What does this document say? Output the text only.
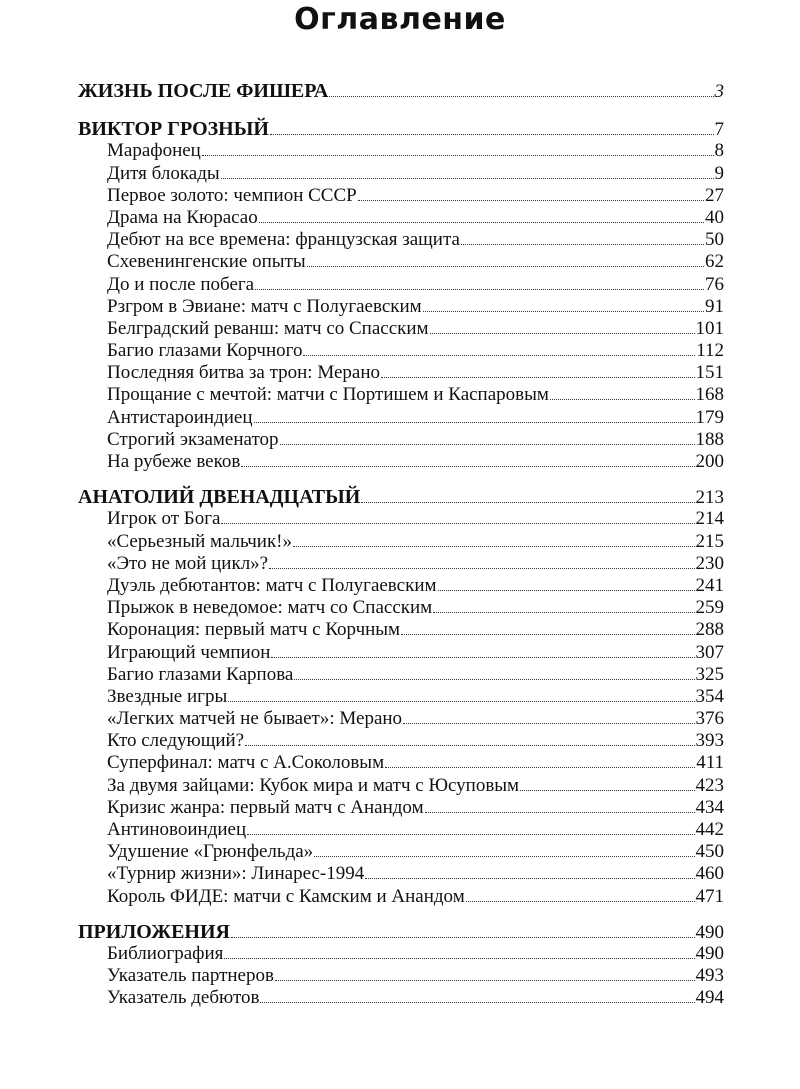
Оглавление
ЖИЗНЬ ПОСЛЕ ФИШЕРА	3
ВИКТОР ГРОЗНЫЙ	7
Марафонец	8
Дитя блокады	9
Первое золото: чемпион СССР	27
Драма на Кюрасао	40
Дебют на все времена: французская защита	50
Схевенингенские опыты	62
До и после побега	76
Рзгром в Эвиане: матч с Полугаевским	91
Белградский реванш: матч со Спасским	101
Багио глазами Корчного	112
Последняя битва за трон: Мерано	151
Прощание с мечтой: матчи с Портишем и Каспаровым	168
Антистароиндиец	179
Строгий экзаменатор	188
На рубеже веков	200
АНАТОЛИЙ ДВЕНАДЦАТЫЙ	213
Игрок от Бога	214
«Серьезный мальчик!»	215
«Это не мой цикл»?	230
Дуэль дебютантов: матч с Полугаевским	241
Прыжок в неведомое: матч со Спасским	259
Коронация: первый матч с Корчным	288
Играющий чемпион	307
Багио глазами Карпова	325
Звездные игры	354
«Легких матчей не бывает»: Мерано	376
Кто следующий?	393
Суперфинал: матч с А.Соколовым	411
За двумя зайцами: Кубок мира и матч с Юсуповым	423
Кризис жанра: первый матч с Анандом	434
Антиновоиндиец	442
Удушение «Грюнфельда»	450
«Турнир жизни»: Линарес-1994	460
Король ФИДЕ: матчи с Камским и Анандом	471
ПРИЛОЖЕНИЯ	490
Библиография	490
Указатель партнеров	493
Указатель дебютов	494
